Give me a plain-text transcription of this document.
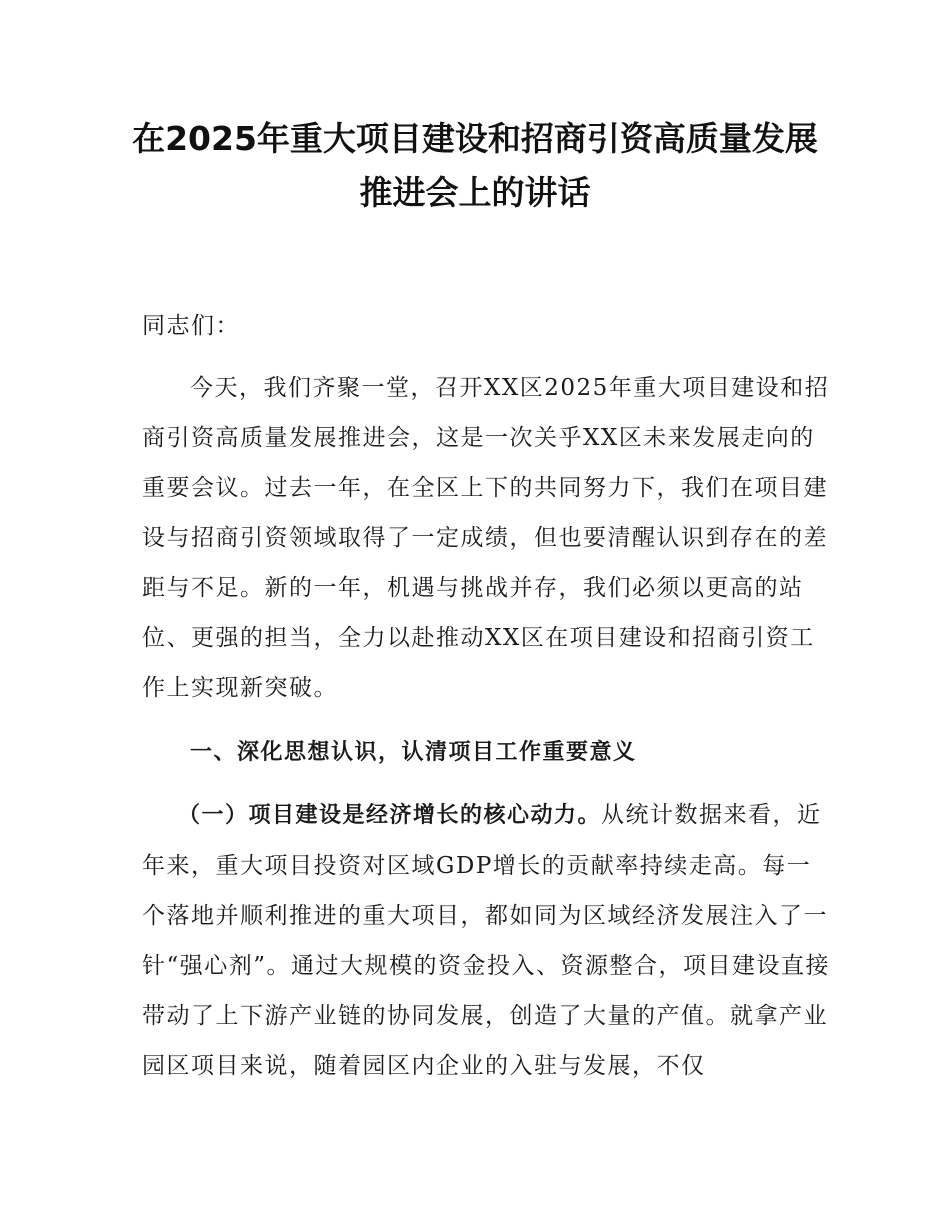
在2025年重大项目建设和招商引资高质量发展推进会上的讲话
同志们：
今天，我们齐聚一堂，召开XX区2025年重大项目建设和招商引资高质量发展推进会，这是一次关乎XX区未来发展走向的重要会议。过去一年，在全区上下的共同努力下，我们在项目建设与招商引资领域取得了一定成绩，但也要清醒认识到存在的差距与不足。新的一年，机遇与挑战并存，我们必须以更高的站位、更强的担当，全力以赴推动XX区在项目建设和招商引资工作上实现新突破。
一、深化思想认识，认清项目工作重要意义
（一）项目建设是经济增长的核心动力。从统计数据来看，近年来，重大项目投资对区域GDP增长的贡献率持续走高。每一个落地并顺利推进的重大项目，都如同为区域经济发展注入了一针“强心剂”。通过大规模的资金投入、资源整合，项目建设直接带动了上下游产业链的协同发展，创造了大量的产值。就拿产业园区项目来说，随着园区内企业的入驻与发展，不仅
